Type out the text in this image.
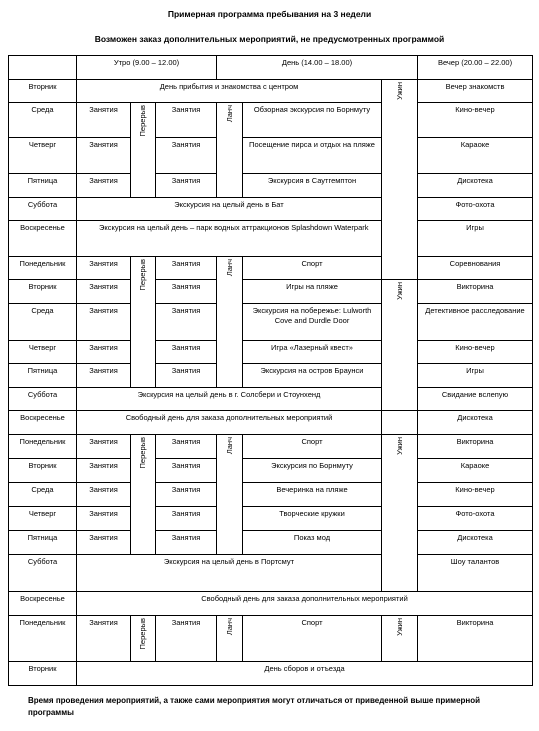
Примерная программа пребывания на 3 недели
Возможен заказ дополнительных мероприятий, не предусмотренных программой
	Утро (9.00 – 12.00)			День (14.00 – 18.00)			Вечер (20.00 – 22.00)
Вторник	День прибытия и знакомства с центром					Ужин	Вечер знакомств
Среда	Занятия	Перерыв	Занятия	Ланч	Обзорная экскурсия по Борнмуту		Кино-вечер
Четверг	Занятия		Занятия		Посещение пирса и отдых на пляже		Караоке
Пятница	Занятия		Занятия		Экскурсия в Саутгемптон		Дискотека
Суббота	Экскурсия на целый день в Бат						Фото-охота
Воскресенье	Экскурсия на целый день – парк водных аттракционов Splashdown Waterpark						Игры
Понедельник	Занятия	Перерыв	Занятия	Ланч	Спорт		Соревнования
Вторник	Занятия		Занятия		Игры на пляже	Ужин	Викторина
Среда	Занятия		Занятия		Экскурсия на побережье: Lulworth Cove and Durdle Door		Детективное расследование
Четверг	Занятия		Занятия		Игра «Лазерный квест»		Кино-вечер
Пятница	Занятия		Занятия		Экскурсия на остров Браунси		Игры
Суббота	Экскурсия на целый день в г. Солсбери и Стоунхенд						Свидание вслепую
Воскресенье	Свободный день для заказа дополнительных мероприятий						Дискотека
Понедельник	Занятия	Перерыв	Занятия	Ланч	Спорт	Ужин	Викторина
Вторник	Занятия		Занятия		Экскурсия по Борнмуту		Караоке
Среда	Занятия		Занятия		Вечеринка на пляже		Кино-вечер
Четверг	Занятия		Занятия		Творческие кружки		Фото-охота
Пятница	Занятия		Занятия		Показ мод		Дискотека
Суббота	Экскурсия на целый день в Портсмут						Шоу талантов
Воскресенье	Свободный день для заказа дополнительных мероприятий						
Понедельник	Занятия	Перерыв	Занятия	Ланч	Спорт	Ужин	Викторина
Вторник	День сборов и отъезда						
Время проведения мероприятий, а также сами мероприятия могут отличаться от приведенной выше примерной программы
